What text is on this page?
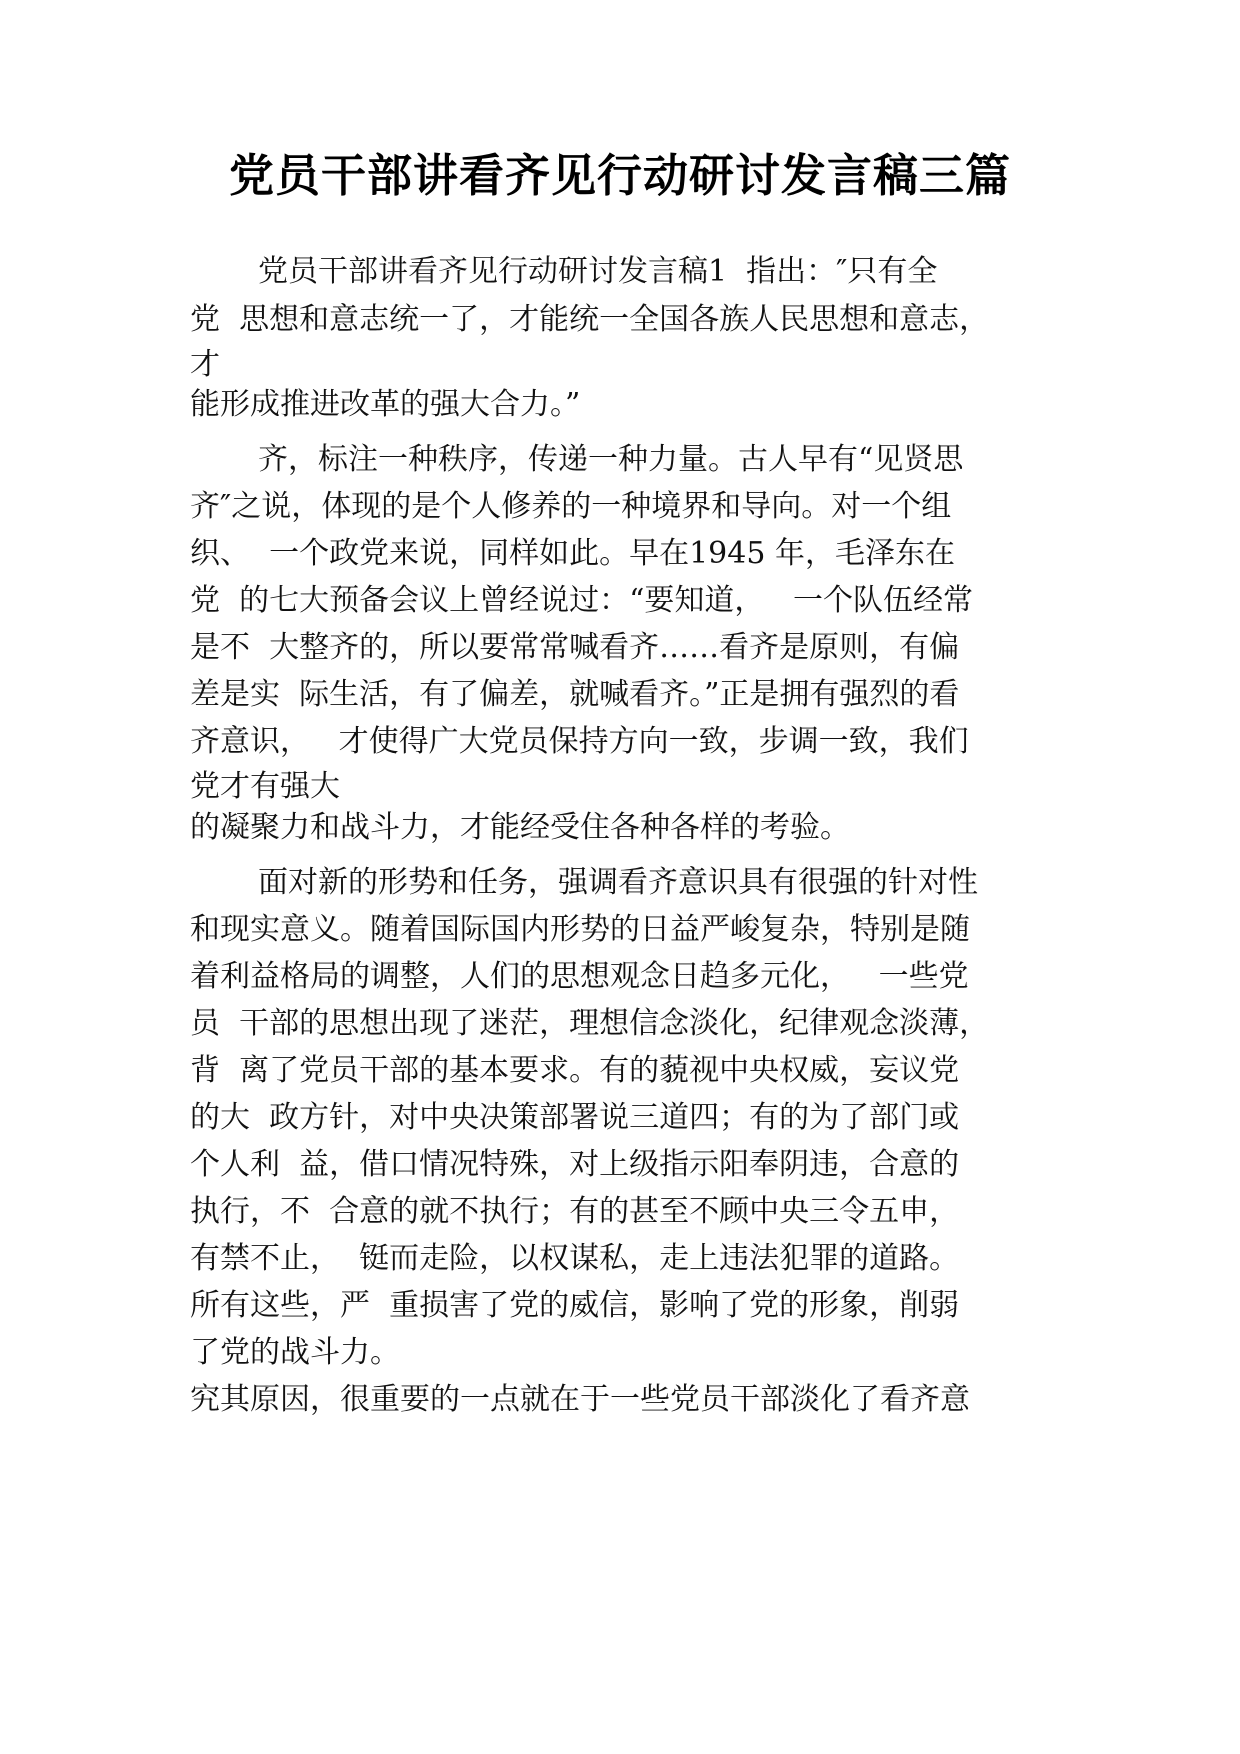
党员干部讲看齐见行动研讨发言稿三篇
党员干部讲看齐见行动研讨发言稿1  指出：″只有全
党  思想和意志统一了，才能统一全国各族人民思想和意志，
才
能形成推进改革的强大合力。”
齐，标注一种秩序，传递一种力量。古人早有“见贤思
齐″之说，体现的是个人修养的一种境界和导向。对一个组
织、  一个政党来说，同样如此。早在1945 年，毛泽东在
党  的七大预备会议上曾经说过：“要知道，   一个队伍经常
是不  大整齐的，所以要常常喊看齐……看齐是原则，有偏
差是实  际生活，有了偏差，就喊看齐。”正是拥有强烈的看
齐意识，   才使得广大党员保持方向一致，步调一致，我们
党才有强大
的凝聚力和战斗力，才能经受住各种各样的考验。
面对新的形势和任务，强调看齐意识具有很强的针对性
和现实意义。随着国际国内形势的日益严峻复杂，特别是随
着利益格局的调整，人们的思想观念日趋多元化，   一些党
员  干部的思想出现了迷茫，理想信念淡化，纪律观念淡薄，
背  离了党员干部的基本要求。有的藐视中央权威，妄议党
的大  政方针，对中央决策部署说三道四；有的为了部门或
个人利  益，借口情况特殊，对上级指示阳奉阴违，合意的
执行，不  合意的就不执行；有的甚至不顾中央三令五申，
有禁不止，  铤而走险，以权谋私，走上违法犯罪的道路。
所有这些，严  重损害了党的威信，影响了党的形象，削弱
了党的战斗力。
究其原因，很重要的一点就在于一些党员干部淡化了看齐意
